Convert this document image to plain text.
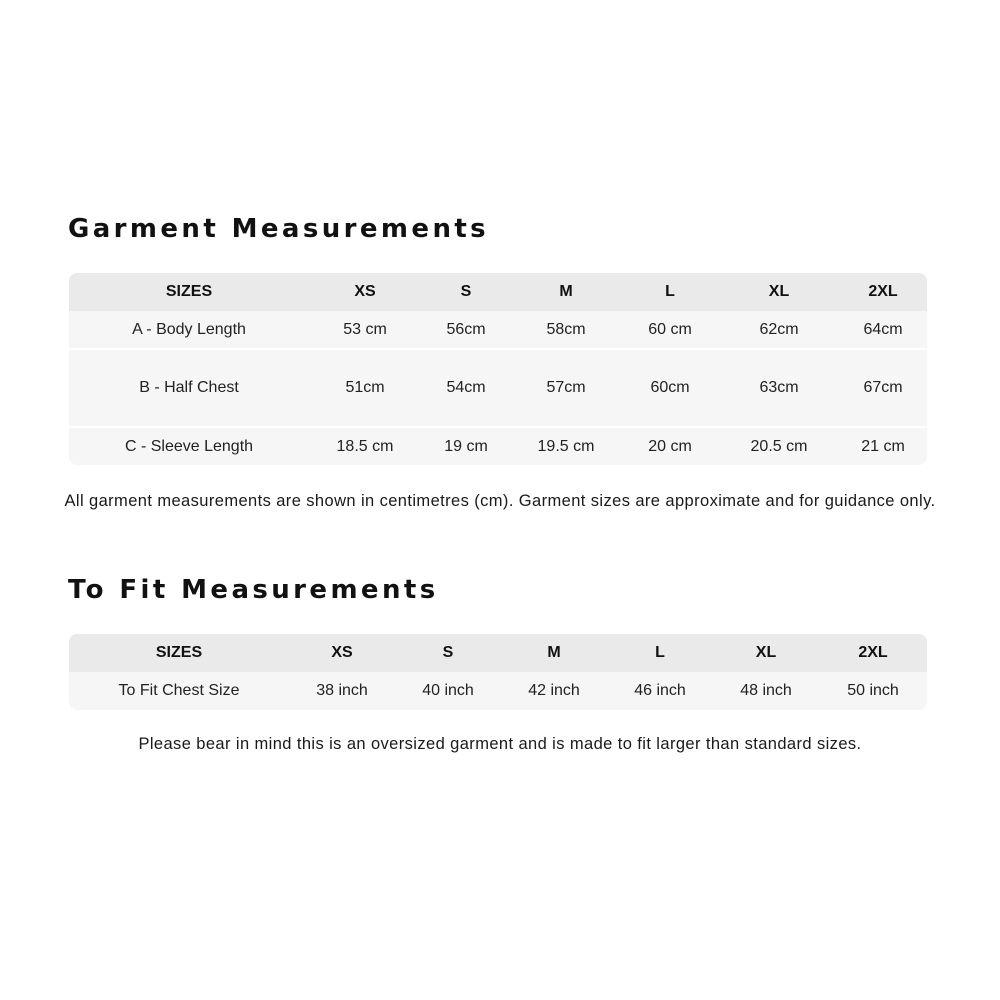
Garment Measurements
SIZES	XS	S	M	L	XL	2XL
A - Body Length	53 cm	56cm	58cm	60 cm	62cm	64cm
B - Half Chest	51cm	54cm	57cm	60cm	63cm	67cm
C - Sleeve Length	18.5 cm	19 cm	19.5 cm	20 cm	20.5 cm	21 cm

All garment measurements are shown in centimetres (cm). Garment sizes are approximate and for guidance only.

To Fit Measurements
SIZES	XS	S	M	L	XL	2XL
To Fit Chest Size	38 inch	40 inch	42 inch	46 inch	48 inch	50 inch

Please bear in mind this is an oversized garment and is made to fit larger than standard sizes.
